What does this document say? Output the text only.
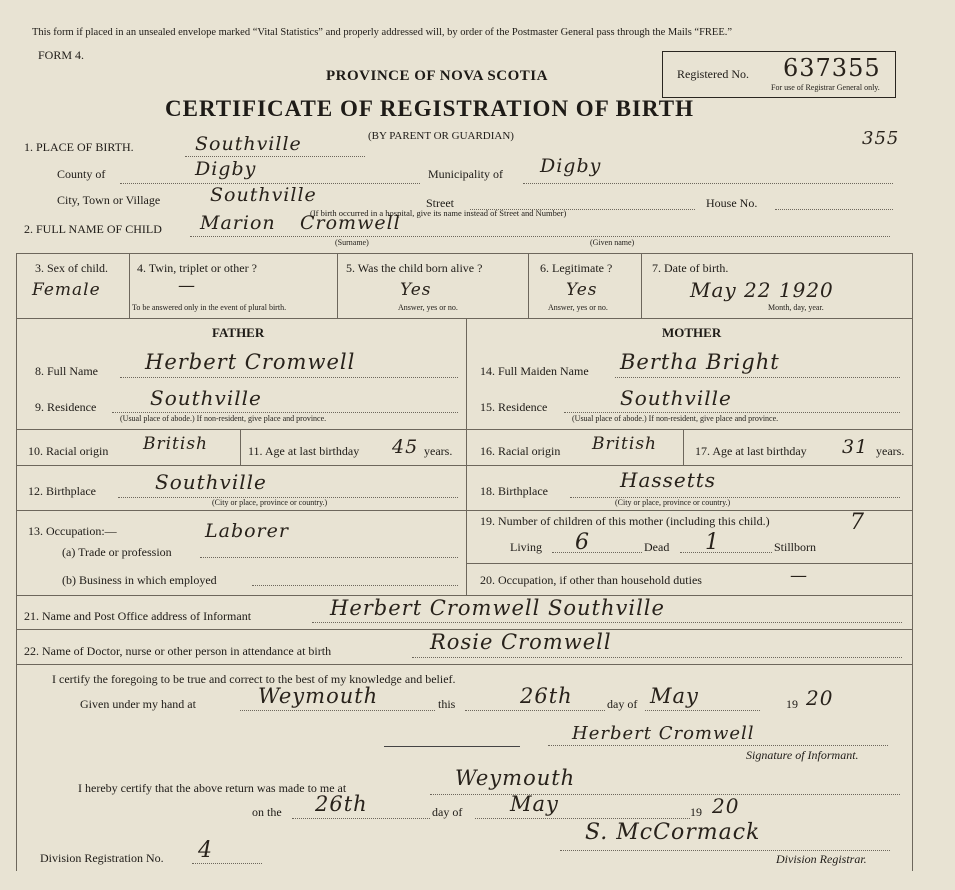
This form if placed in an unsealed envelope marked “Vital Statistics” and properly addressed will, by order of the Postmaster General pass through the Mails “FREE.”
FORM 4.
PROVINCE OF NOVA SCOTIA
CERTIFICATE OF REGISTRATION OF BIRTH
(BY PARENT OR GUARDIAN)
Registered No. 637355
For use of Registrar General only.
355
1. PLACE OF BIRTH.	Southville
County of	Digby	Municipality of Digby
City, Town or Village	Southville	Street	House No.
(If birth occurred in a hospital, give its name instead of Street and Number)
2. FULL NAME OF CHILD Marion Cromwell
(Surname)	(Given name)
3. Sex of child.
Female
4. Twin, triplet or other ?
—
To be answered only in the event of plural birth.
5. Was the child born alive ?
Yes
Answer, yes or no.
6. Legitimate ?
Yes
Answer, yes or no.
7. Date of birth.
May 22 1920
Month, day, year.
FATHER	MOTHER
8. Full Name Herbert Cromwell
9. Residence	Southville
(Usual place of abode.) If non-resident, give place and province.
10. Racial origin British	11. Age at last birthday 45 years.
12. Birthplace	Southville
(City or place, province or country.)
13. Occupation:—	Laborer
(a) Trade or profession
(b) Business in which employed
14. Full Maiden Name Bertha Bright
15. Residence	Southville
(Usual place of abode.) If non-resident, give place and province.
16. Racial origin British	17. Age at last birthday 31 years.
18. Birthplace	Hassetts
(City or place, province or country.)
19. Number of children of this mother (including this child.)	7
Living 6	Dead 1	Stillborn
20. Occupation, if other than household duties	—
21. Name and Post Office address of Informant	Herbert Cromwell Southville
22. Name of Doctor, nurse or other person in attendance at birth	Rosie Cromwell
I certify the foregoing to be true and correct to the best of my knowledge and belief.
Given under my hand at	Weymouth	this	26th	day of May	19 20
Herbert Cromwell
Signature of Informant.
I hereby certify that the above return was made to me at	Weymouth
on the 26th	day of May	19 20
Division Registration No. 4
S. McCormack
Division Registrar.
